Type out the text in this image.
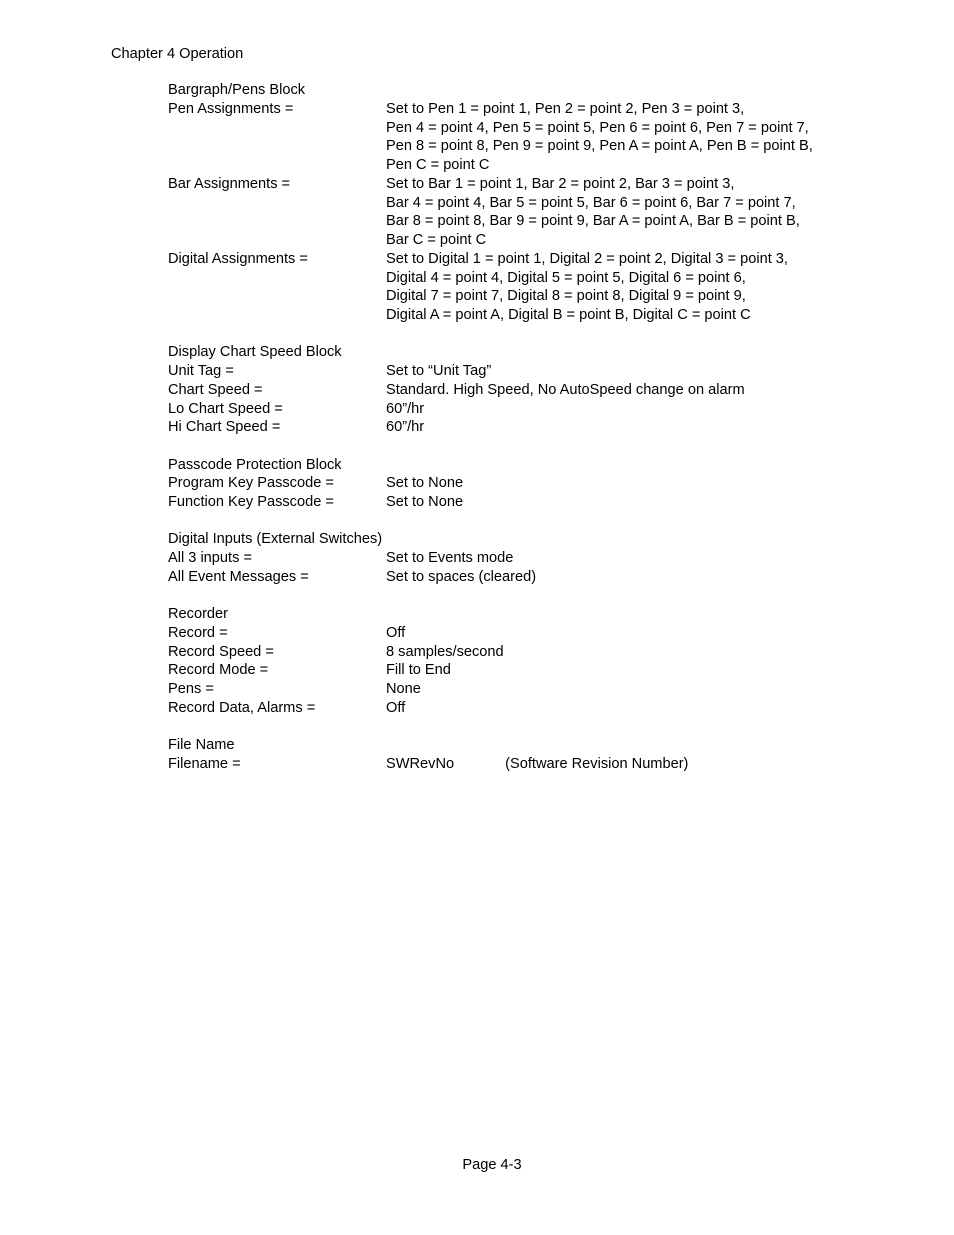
Chapter 4 Operation
Bargraph/Pens Block
Pen Assignments =	Set to Pen 1 = point 1, Pen 2 = point 2, Pen 3 = point 3,
Pen 4 = point 4, Pen 5 = point 5, Pen 6 = point 6, Pen 7 = point 7,
Pen 8 = point 8, Pen 9 = point 9, Pen A = point A, Pen B = point B,
Pen C = point C
Bar Assignments =	Set to Bar 1 = point 1, Bar 2 = point 2, Bar 3 = point 3,
Bar 4 = point 4, Bar 5 = point 5, Bar 6 = point 6, Bar 7 = point 7,
Bar 8 = point 8, Bar 9 = point 9, Bar A = point A, Bar B = point B,
Bar C = point C
Digital Assignments =	Set to Digital 1 = point 1, Digital 2 = point 2, Digital 3 = point 3,
Digital 4 = point 4, Digital 5 = point 5, Digital 6 = point 6,
Digital 7 = point 7, Digital 8 = point 8, Digital 9 = point 9,
Digital A = point A, Digital B = point B, Digital C = point C
Display Chart Speed Block
Unit Tag =	Set to “Unit Tag”
Chart Speed =	Standard. High Speed, No AutoSpeed change on alarm
Lo Chart Speed =	60”/hr
Hi Chart Speed =	60”/hr
Passcode Protection Block
Program Key Passcode =	Set to None
Function Key Passcode =	Set to None
Digital Inputs (External Switches)
All 3 inputs =	Set to Events mode
All Event Messages =	Set to spaces (cleared)
Recorder
Record =	Off
Record Speed =	8 samples/second
Record Mode =	Fill to End
Pens =	None
Record Data, Alarms =	Off
File Name
Filename =	SWRevNo	(Software Revision Number)
Page 4-3
